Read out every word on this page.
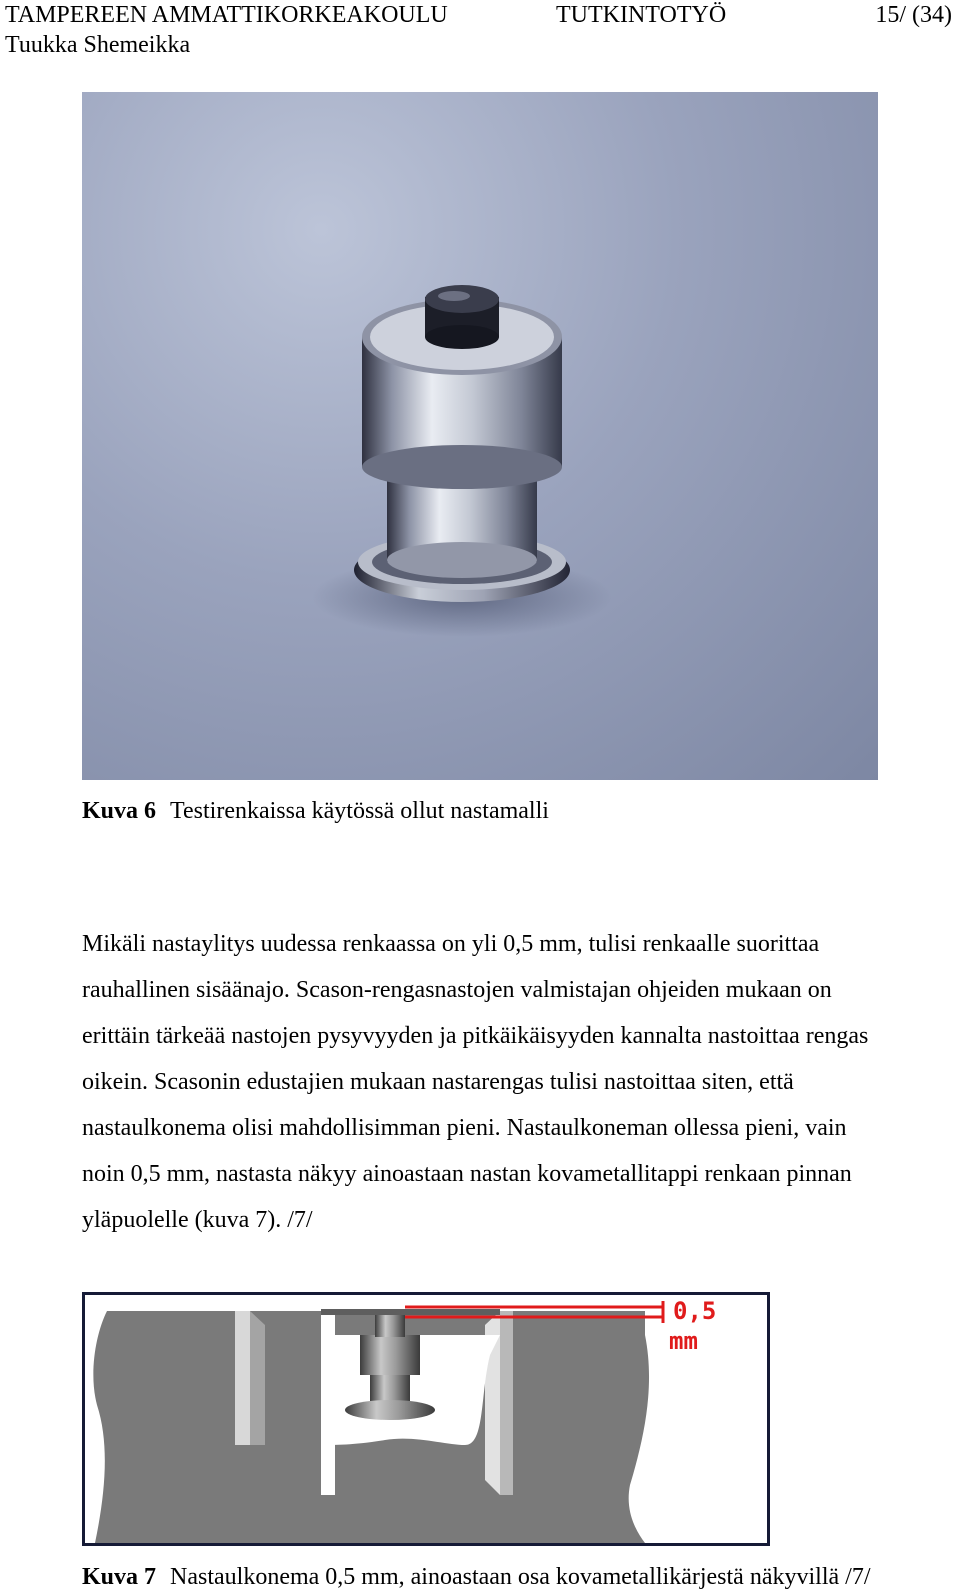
TAMPEREEN AMMATTIKORKEAKOULU	TUTKINTOTYÖ	15/ (34)
Tuukka Shemeikka
Kuva 6 Testirenkaissa käytössä ollut nastamalli
Mikäli nastaylitys uudessa renkaassa on yli 0,5 mm, tulisi renkaalle suorittaa
rauhallinen sisäänajo. Scason-rengasnastojen valmistajan ohjeiden mukaan on
erittäin tärkeää nastojen pysyvyyden ja pitkäikäisyyden kannalta nastoittaa rengas
oikein. Scasonin edustajien mukaan nastarengas tulisi nastoittaa siten, että
nastaulkonema olisi mahdollisimman pieni. Nastaulkoneman ollessa pieni, vain
noin 0,5 mm, nastasta näkyy ainoastaan nastan kovametallitappi renkaan pinnan
yläpuolelle (kuva 7). /7/
0,5
mm
Kuva 7 Nastaulkonema 0,5 mm, ainoastaan osa kovametallikärjestä näkyvillä /7/
